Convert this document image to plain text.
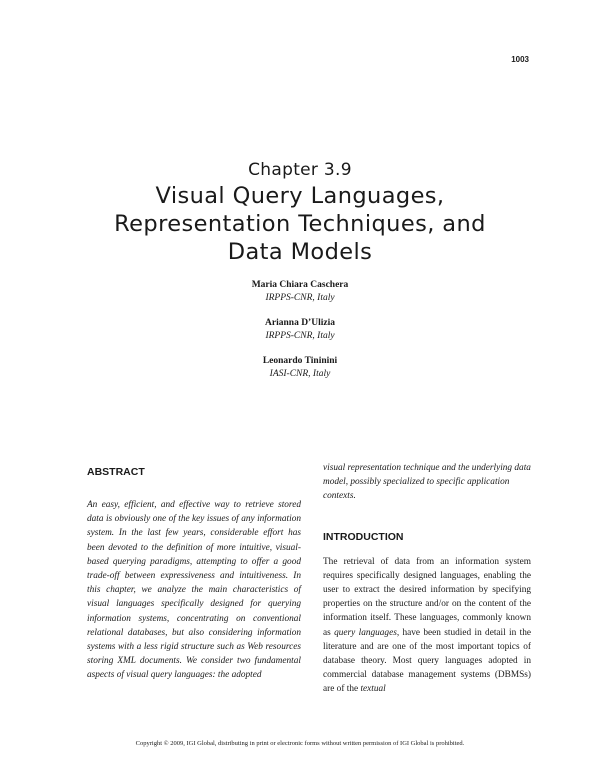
1003
Chapter 3.9
Visual Query Languages,
Representation Techniques, and
Data Models
Maria Chiara Caschera
IRPPS-CNR, Italy
Arianna D’Ulizia
IRPPS-CNR, Italy
Leonardo Tininini
IASI-CNR, Italy
ABSTRACT

An easy, efficient, and effective way to retrieve stored data is obviously one of the key issues of any information system. In the last few years, considerable effort has been devoted to the definition of more intuitive, visual-based querying paradigms, attempting to offer a good trade-off between expressiveness and intuitiveness. In this chapter, we analyze the main characteristics of visual languages specifically designed for querying information systems, concentrating on conventional relational databases, but also considering information systems with a less rigid structure such as Web resources storing XML documents. We consider two fundamental aspects of visual query languages: the adopted

visual representation technique and the underlying data model, possibly specialized to specific application contexts.

INTRODUCTION

The retrieval of data from an information system requires specifically designed languages, enabling the user to extract the desired information by specifying properties on the structure and/or on the content of the information itself. These languages, commonly known as query languages, have been studied in detail in the literature and are one of the most important topics of database theory. Most query languages adopted in commercial database management systems (DBMSs) are of the textual

Copyright © 2009, IGI Global, distributing in print or electronic forms without written permission of IGI Global is prohibited.
